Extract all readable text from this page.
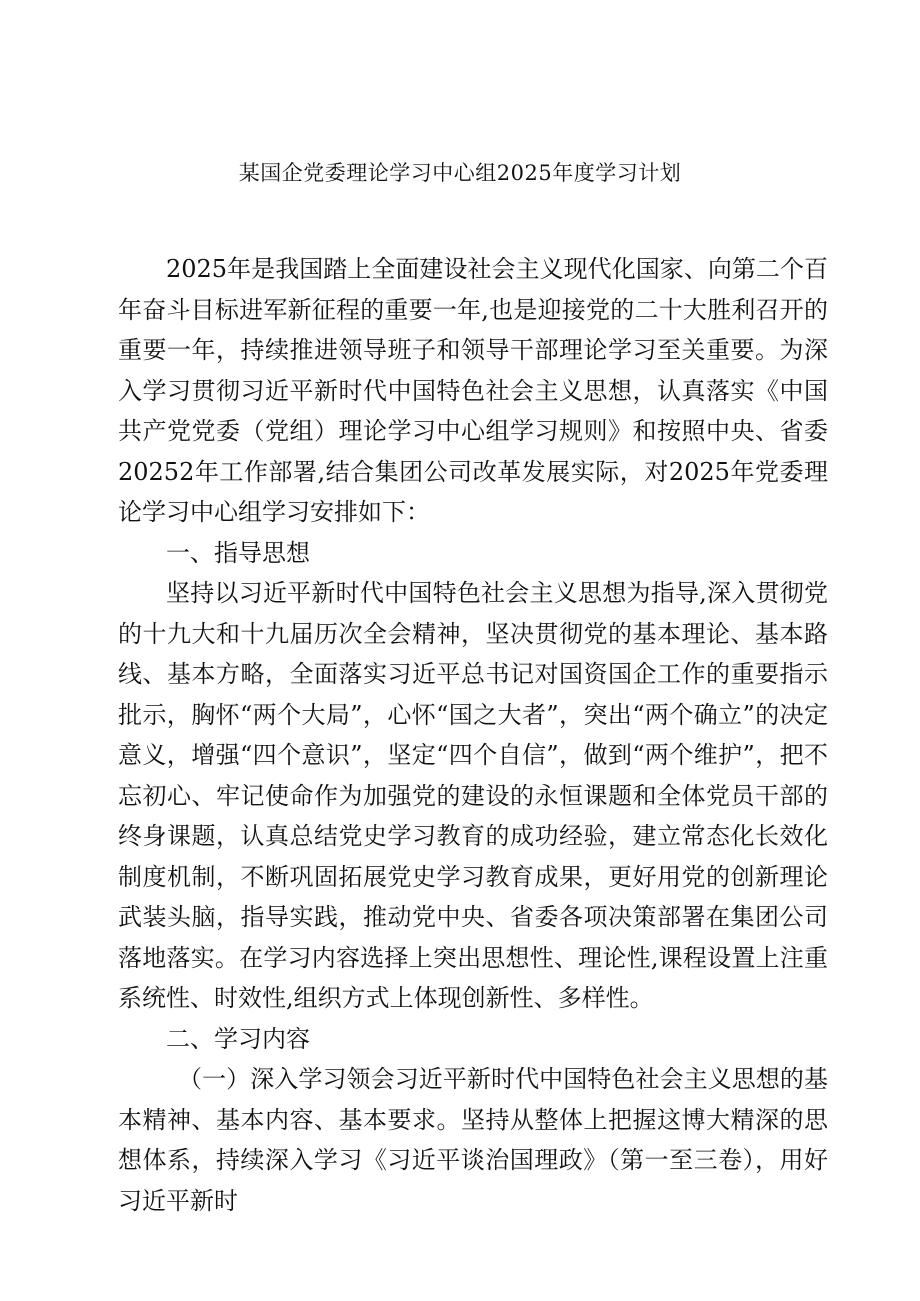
某国企党委理论学习中心组2025年度学习计划

2025年是我国踏上全面建设社会主义现代化国家、向第二个百年奋斗目标进军新征程的重要一年,也是迎接党的二十大胜利召开的重要一年，持续推进领导班子和领导干部理论学习至关重要。为深入学习贯彻习近平新时代中国特色社会主义思想，认真落实《中国共产党党委（党组）理论学习中心组学习规则》和按照中央、省委20252年工作部署,结合集团公司改革发展实际，对2025年党委理论学习中心组学习安排如下：

一、指导思想

坚持以习近平新时代中国特色社会主义思想为指导,深入贯彻党的十九大和十九届历次全会精神，坚决贯彻党的基本理论、基本路线、基本方略，全面落实习近平总书记对国资国企工作的重要指示批示，胸怀“两个大局”，心怀“国之大者”，突出“两个确立”的决定意义，增强“四个意识”，坚定“四个自信”，做到“两个维护”，把不忘初心、牢记使命作为加强党的建设的永恒课题和全体党员干部的终身课题，认真总结党史学习教育的成功经验，建立常态化长效化制度机制，不断巩固拓展党史学习教育成果，更好用党的创新理论武装头脑，指导实践，推动党中央、省委各项决策部署在集团公司落地落实。在学习内容选择上突出思想性、理论性,课程设置上注重系统性、时效性,组织方式上体现创新性、多样性。

二、学习内容

（一）深入学习领会习近平新时代中国特色社会主义思想的基本精神、基本内容、基本要求。坚持从整体上把握这博大精深的思想体系，持续深入学习《习近平谈治国理政》（第一至三卷），用好习近平新时
